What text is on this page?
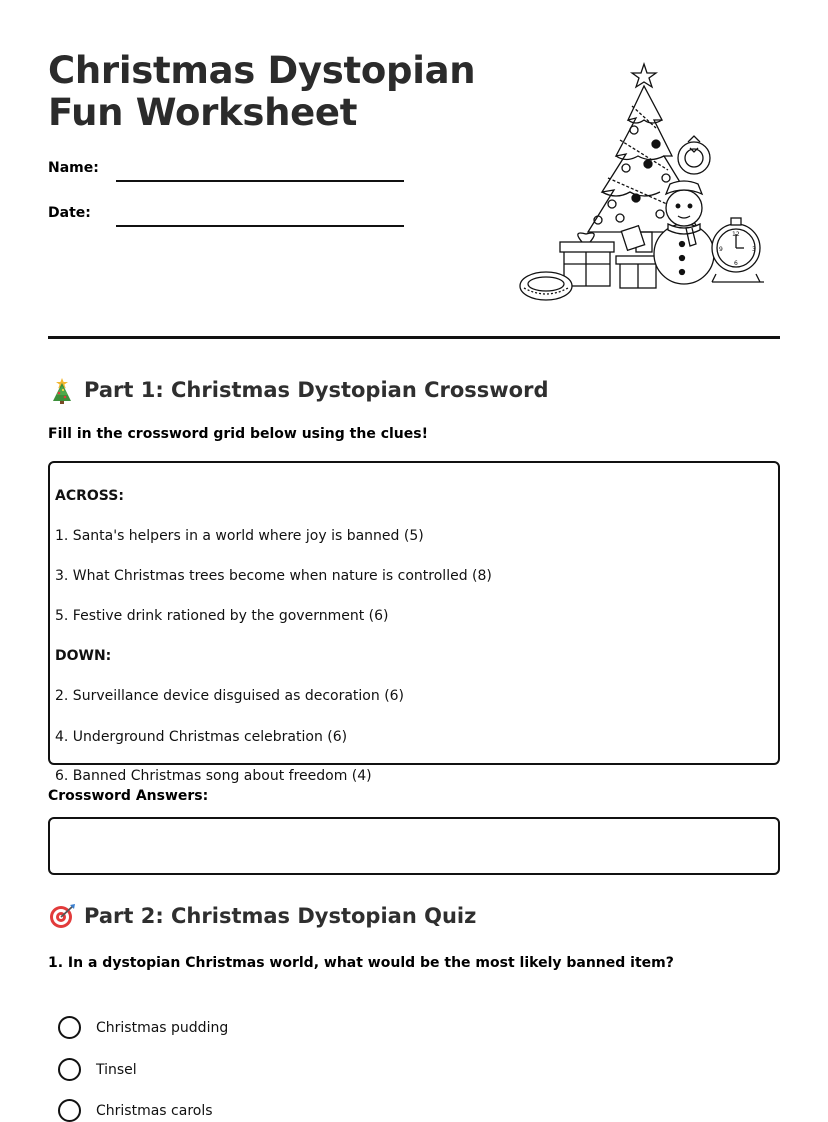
Christmas Dystopian
Fun Worksheet
Name:
Date:
12
3
6
9
Part 1: Christmas Dystopian Crossword
Fill in the crossword grid below using the clues!
ACROSS:
1. Santa's helpers in a world where joy is banned (5)
3. What Christmas trees become when nature is controlled (8)
5. Festive drink rationed by the government (6)
DOWN:
2. Surveillance device disguised as decoration (6)
4. Underground Christmas celebration (6)
6. Banned Christmas song about freedom (4)
Crossword Answers:
Part 2: Christmas Dystopian Quiz
1. In a dystopian Christmas world, what would be the most likely banned item?
Christmas pudding
Tinsel
Christmas carols
